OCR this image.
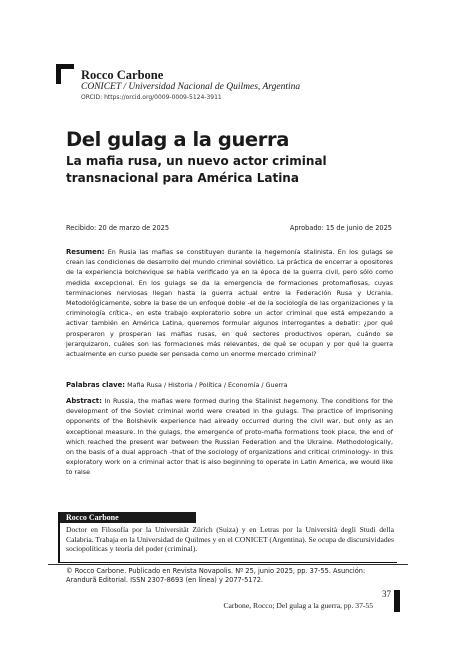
Rocco Carbone
CONICET / Universidad Nacional de Quilmes, Argentina
ORCID: https://orcid.org/0009-0009-5124-3911
Del gulag a la guerra
La mafia rusa, un nuevo actor criminal transnacional para América Latina
Recibido: 20 de marzo de 2025	Aprobado: 15 de junio de 2025
Resumen: En Rusia las mafias se constituyen durante la hegemonía stalinista. En los gulags se crean las condiciones de desarrollo del mundo criminal soviético. La práctica de encerrar a opositores de la experiencia bolchevique se había verificado ya en la época de la guerra civil, pero sólo como medida excepcional. En los gulags se da la emergencia de formaciones protomafiosas, cuyas terminaciones nerviosas llegan hasta la guerra actual entre la Federación Rusa y Ucrania. Metodológicamente, sobre la base de un enfoque doble -el de la sociología de las organizaciones y la criminología crítica-, en este trabajo exploratorio sobre un actor criminal que está empezando a activar también en América Latina, queremos formular algunos interrogantes a debatir: ¿por qué prosperaron y prosperan las mafias rusas, en qué sectores productivos operan, cuándo se jerarquizaron, cuáles son las formaciones más relevantes, de qué se ocupan y por qué la guerra actualmente en curso puede ser pensada como un enorme mercado criminal?
Palabras clave: Mafia Rusa / Historia / Política / Economía / Guerra
Abstract: In Russia, the mafias were formed during the Stalinist hegemony. The conditions for the development of the Soviet criminal world were created in the gulags. The practice of imprisoning opponents of the Bolshevik experience had already occurred during the civil war, but only as an exceptional measure. In the gulags, the emergence of proto-mafia formations took place, the end of which reached the present war between the Russian Federation and the Ukraine. Methodologically, on the basis of a dual approach -that of the sociology of organizations and critical criminology- in this exploratory work on a criminal actor that is also beginning to operate in Latin America, we would like to raise
Rocco Carbone
Doctor en Filosofía por la Universität Zürich (Suiza) y en Letras por la Università degli Studi della Calabria. Trabaja en la Universidad de Quilmes y en el CONICET (Argentina). Se ocupa de discursividades sociopolíticas y teoría del poder (criminal).
© Rocco Carbone. Publicado en Revista Novapolis. Nº 25, junio 2025, pp. 37-55. Asunción: Arandurã Editorial. ISSN 2307-8693 (en línea) y 2077-5172.
37
Carbone, Rocco; Del gulag a la guerra, pp. 37-55
